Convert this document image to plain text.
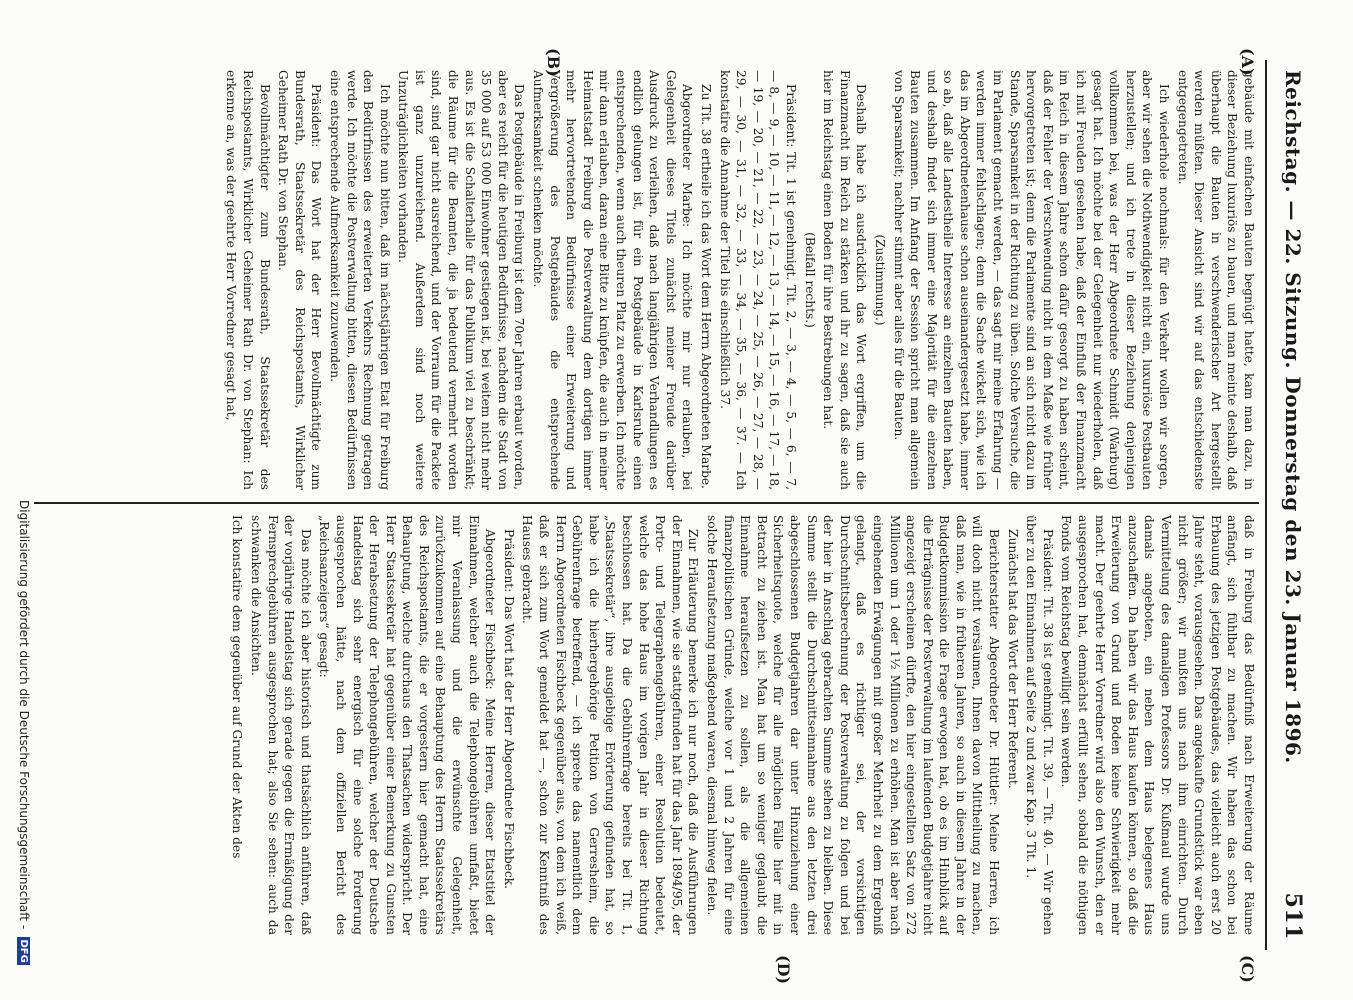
Reichstag. — 22. Sitzung. Donnerstag den 23. Januar 1896.
511
(A)
(B)
(C)
(D)

gebäude mit einfachen Bauten begnügt hatte, kam man dazu, in dieser Beziehung luxuriös zu bauen, und man meinte deshalb, daß überhaupt die Bauten in verschwenderischer Art hergestellt werden müßten. Dieser Ansicht sind wir auf das entschiedenste entgegengetreten.

Ich wiederhole nochmals: für den Verkehr wollen wir sorgen, aber wir sehen die Nothwendigkeit nicht ein, luxuriöse Postbauten herzustellen; und ich trete in dieser Beziehung denjenigen vollkommen bei, was der Herr Abgeordnete Schmidt (Warburg) gesagt hat. Ich möchte bei der Gelegenheit nur wiederholen, daß ich mit Freuden gesehen habe, daß der Einfluß der Finanzmacht im Reich in diesem Jahre schon dafür gesorgt zu haben scheint, daß der Fehler der Verschwendung nicht in dem Maße wie früher hervorgetreten ist; denn die Parlamente sind an sich nicht dazu im Stande, Sparsamkeit in der Richtung zu üben. Solche Versuche, die im Parlament gemacht werden, — das sagt mir meine Erfahrung — werden immer fehlschlagen; denn die Sache wickelt sich, wie ich das im Abgeordnetenhause schon auseinandergesetzt habe, immer so ab, daß alle Landestheile Interesse an einzelnen Bauten haben, und deshalb findet sich immer eine Majorität für die einzelnen Bauten zusammen. Im Anfang der Session spricht man allgemein von Sparsamkeit; nachher stimmt aber alles für die Bauten.

(Zustimmung.)

Deshalb habe ich ausdrücklich das Wort ergriffen, um die Finanzmacht im Reich zu stärken und ihr zu sagen, daß sie auch hier im Reichstag einen Boden für ihre Bestrebungen hat.

(Beifall rechts.)

Präsident: Tit. 1 ist genehmigt. Tit. 2, — 3, — 4, — 5, — 6, — 7, — 8, — 9, — 10, — 11, — 12, — 13, — 14, — 15, — 16, — 17, — 18, — 19, — 20, — 21, — 22, — 23, — 24, — 25, — 26, — 27, — 28, — 29, — 30, — 31, — 32, — 33, — 34, — 35, — 36, — 37. — Ich konstatire die Annahme der Titel bis einschließlich 37.

Zu Tit. 38 ertheile ich das Wort dem Herrn Abgeordneten Marbe.

Abgeordneter Marbe: Ich möchte mir nur erlauben, bei Gelegenheit dieses Titels zunächst meiner Freude darüber Ausdruck zu verleihen, daß nach langjährigen Verhandlungen es endlich gelungen ist, für ein Postgebäude in Karlsruhe einen entsprechenden, wenn auch theuren Platz zu erwerben. Ich möchte mir dann erlauben, daran eine Bitte zu knüpfen, die auch in meiner Heimatstadt Freiburg die Postverwaltung dem dortigen immer mehr hervortretenden Bedürfnisse einer Erweiterung und Vergrößerung des Postgebäudes die entsprechende Aufmerksamkeit schenken möchte.

Das Postgebäude in Freiburg ist dem 70er Jahren erbaut worden, aber es reicht für die heutigen Bedürfnisse, nachdem die Stadt von 35 000 auf 53 000 Einwohner gestiegen ist, bei weitem nicht mehr aus. Es ist die Schalterhalle für das Publikum viel zu beschränkt; die Räume für die Beamten, die ja bedeutend vermehrt worden sind, sind gar nicht ausreichend, und der Vorraum für die Packete ist ganz unzureichend. Außerdem sind noch weitere Unzuträglichkeiten vorhanden.

Ich möchte nun bitten, daß im nächstjährigen Etat für Freiburg den Bedürfnissen des erweiterten Verkehrs Rechnung getragen werde. Ich möchte die Postverwaltung bitten, diesen Bedürfnissen eine entsprechende Aufmerksamkeit zuzuwenden.

Präsident: Das Wort hat der Herr Bevollmächtigte zum Bundesrath, Staatssekretär des Reichspostamts, Wirklicher Geheimer Rath Dr. von Stephan.

Bevollmächtigter zum Bundesrath, Staatssekretär des Reichspostamts, Wirklicher Geheimer Rath Dr. von Stephan: Ich erkenne an, was der geehrte Herr Vorredner gesagt hat,

daß in Freiburg das Bedürfniß nach Erweiterung der Räume anfängt, sich fühlbar zu machen. Wir haben das schon bei Erbauung des jetzigen Postgebäudes, das vielleicht auch erst 20 Jahre steht, vorausgesehen. Das angekaufte Grundstück war eben nicht größer; wir mußten uns nach ihm einrichten. Durch Vermittelung des damaligen Professors Dr. Kußmaul wurde uns damals angeboten, ein neben dem Haus belegenes Haus anzuschaffen. Da haben wir das Haus kaufen können, so daß die Erweiterung von Grund und Boden keine Schwierigkeit mehr macht. Der geehrte Herr Vorredner wird also den Wunsch, den er ausgesprochen hat, demnächst erfüllt sehen, sobald die nöthigen Fonds vom Reichstag bewilligt sein werden.

Präsident: Tit. 38 ist genehmigt. Tit. 39, — Tit. 40. — Wir gehen über zu den Einnahmen auf Seite 2 und zwar Kap. 3 Tit. 1.

Zunächst hat das Wort der Herr Referent.

Berichterstatter Abgeordneter Dr. Hüttler: Meine Herren, ich will doch nicht versäumen, Ihnen davon Mittheilung zu machen, daß man, wie in früheren Jahren, so auch in diesem Jahre in der Budgetkommission die Frage erwogen hat, ob es im Hinblick auf die Erträgnisse der Postverwaltung im laufenden Budgetjahre nicht angezeigt erscheinen dürfte, den hier eingestellten Satz von 272 Millionen um 1 oder 1½ Millionen zu erhöhen. Man ist aber nach eingehenden Erwägungen mit großer Mehrheit zu dem Ergebniß gelangt, daß es richtiger sei, der vorsichtigen Durchschnittsberechnung der Postverwaltung zu folgen und bei der hier in Anschlag gebrachten Summe stehen zu bleiben. Diese Summe stellt die Durchschnittseinnahme aus den letzten drei abgeschlossenen Budgetjahren dar unter Hinzuziehung einer Sicherheitsquote, welche für alle möglichen Fälle hier mit in Betracht zu ziehen ist. Man hat um so weniger geglaubt die Einnahme heraufsetzen zu sollen, als die allgemeinen finanzpolitischen Gründe, welche vor 1 und 2 Jahren für eine solche Heraufsetzung maßgebend waren, diesmal hinweg fielen.

Zur Erläuterung bemerke ich nur noch, daß die Ausführungen der Einnahmen, wie sie stattgefunden hat für das Jahr 1894/95, der Porto- und Telegraphengebühren, einer Resolution bedeutet, welche das hohe Haus im vorigen Jahr in dieser Richtung beschlossen hat. Da die Gebührenfrage bereits bei Tit. 1, „Staatssekretär“, ihre ausgiebige Erörterung gefunden hat, so habe ich die hierhergehörige Petition von Gerresheim, die Gebührenfrage betreffend, — ich spreche das namentlich dem Herrn Abgeordneten Fischbeck gegenüber aus, von dem ich weiß, daß er sich zum Wort gemeldet hat —, schon zur Kenntniß des Hauses gebracht.

Präsident: Das Wort hat der Herr Abgeordnete Fischbeck.

Abgeordneter Fischbeck: Meine Herren, dieser Etatstitel der Einnahmen, welcher auch die Telephongebühren umfaßt, bietet mir Veranlassung und die erwünschte Gelegenheit, zurückzukommen auf eine Behauptung des Herrn Staatssekretärs des Reichspostamts, die er vorgestern hier gemacht hat, eine Behauptung, welche durchaus den Thatsachen widerspricht. Der Herr Staatssekretär hat gegenüber einer Bemerkung zu Gunsten der Herabsetzung der Telephongebühren, welcher der Deutsche Handelstag sich sehr energisch für eine solche Forderung ausgesprochen hätte, nach dem offiziellen Bericht des „Reichsanzeigers“ gesagt:

Das möchte ich aber historisch und thatsächlich anführen, daß der vorjährige Handelstag sich gerade gegen die Ermäßigung der Fernsprechgebühren ausgesprochen hat; also Sie sehen: auch da schwanken die Ansichten.

Ich konstatire dem gegenüber auf Grund der Akten des

Digitalisierung gefördert durch die Deutsche Forschungsgemeinschaft -
DFG
